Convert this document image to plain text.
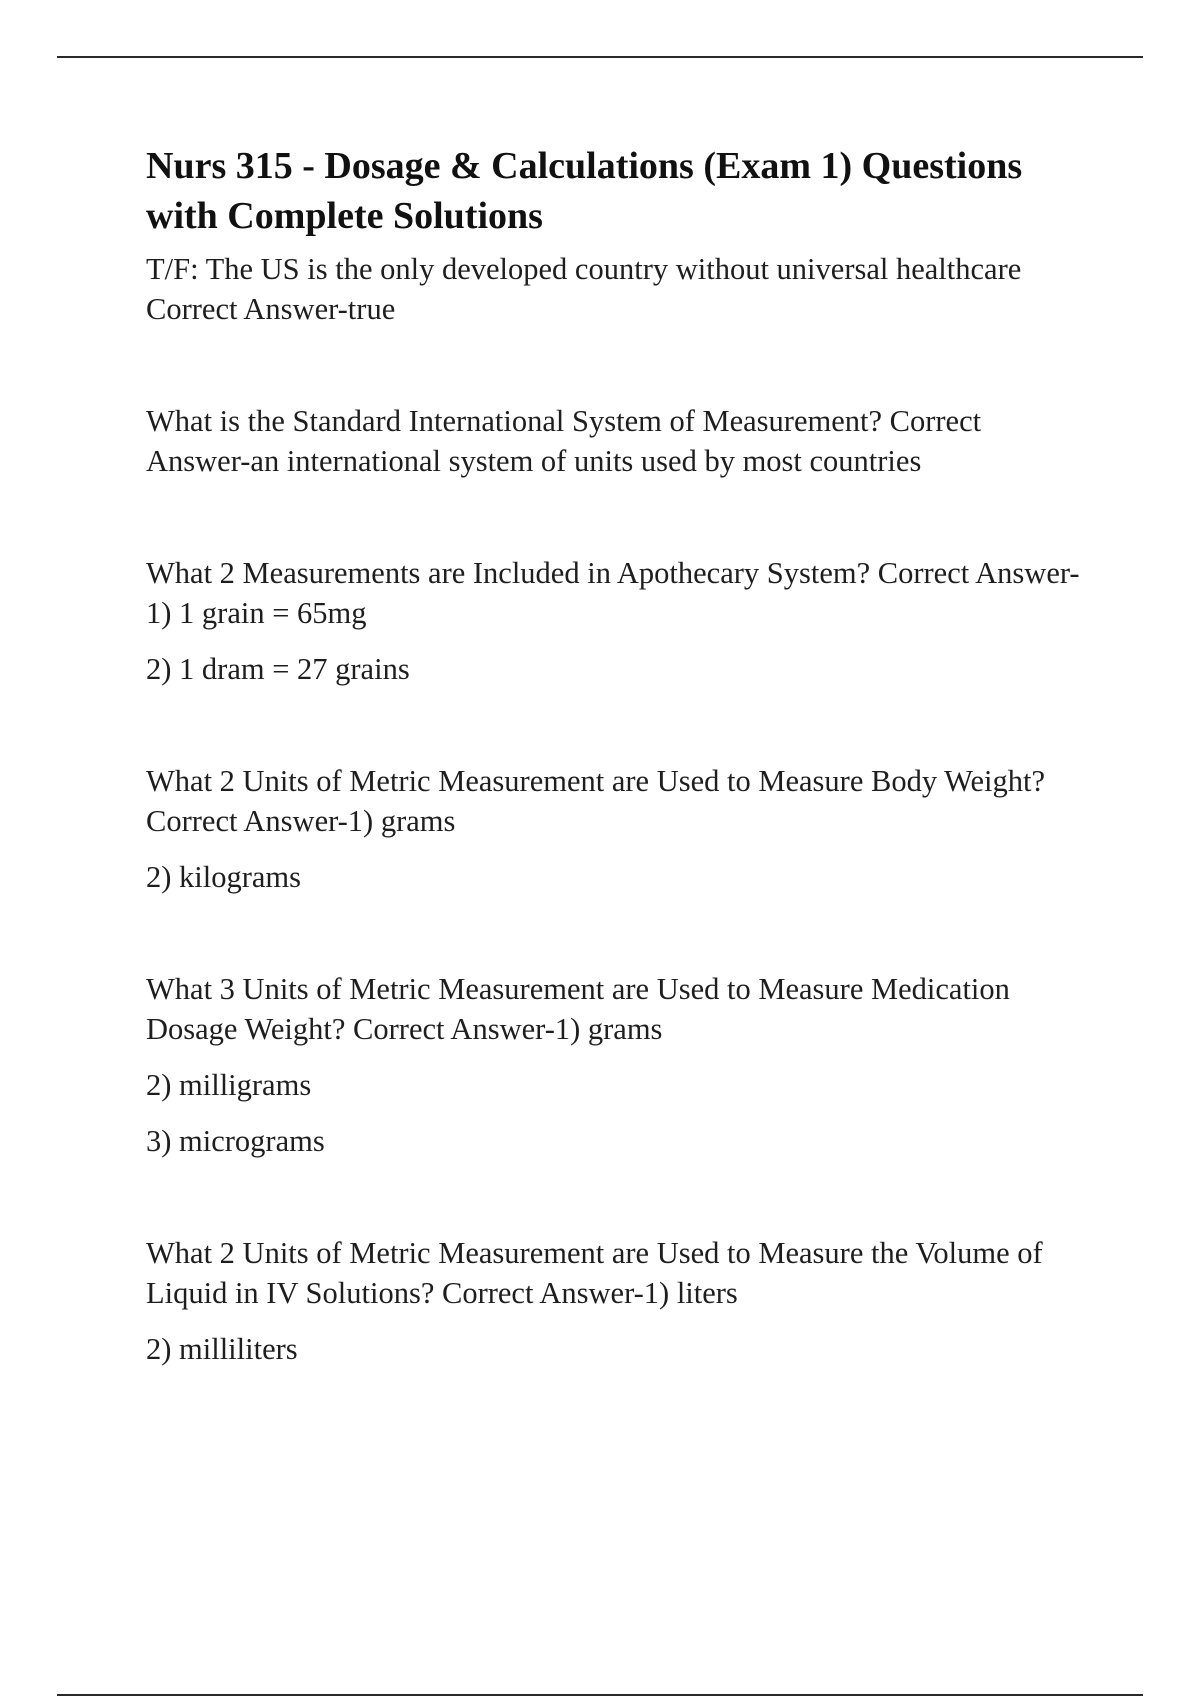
Nurs 315 - Dosage & Calculations (Exam 1) Questions with Complete Solutions

T/F: The US is the only developed country without universal healthcare Correct Answer-true

What is the Standard International System of Measurement? Correct Answer-an international system of units used by most countries

What 2 Measurements are Included in Apothecary System? Correct Answer-1) 1 grain = 65mg

2) 1 dram = 27 grains

What 2 Units of Metric Measurement are Used to Measure Body Weight? Correct Answer-1) grams

2) kilograms

What 3 Units of Metric Measurement are Used to Measure Medication Dosage Weight? Correct Answer-1) grams

2) milligrams

3) micrograms

What 2 Units of Metric Measurement are Used to Measure the Volume of Liquid in IV Solutions? Correct Answer-1) liters

2) milliliters
